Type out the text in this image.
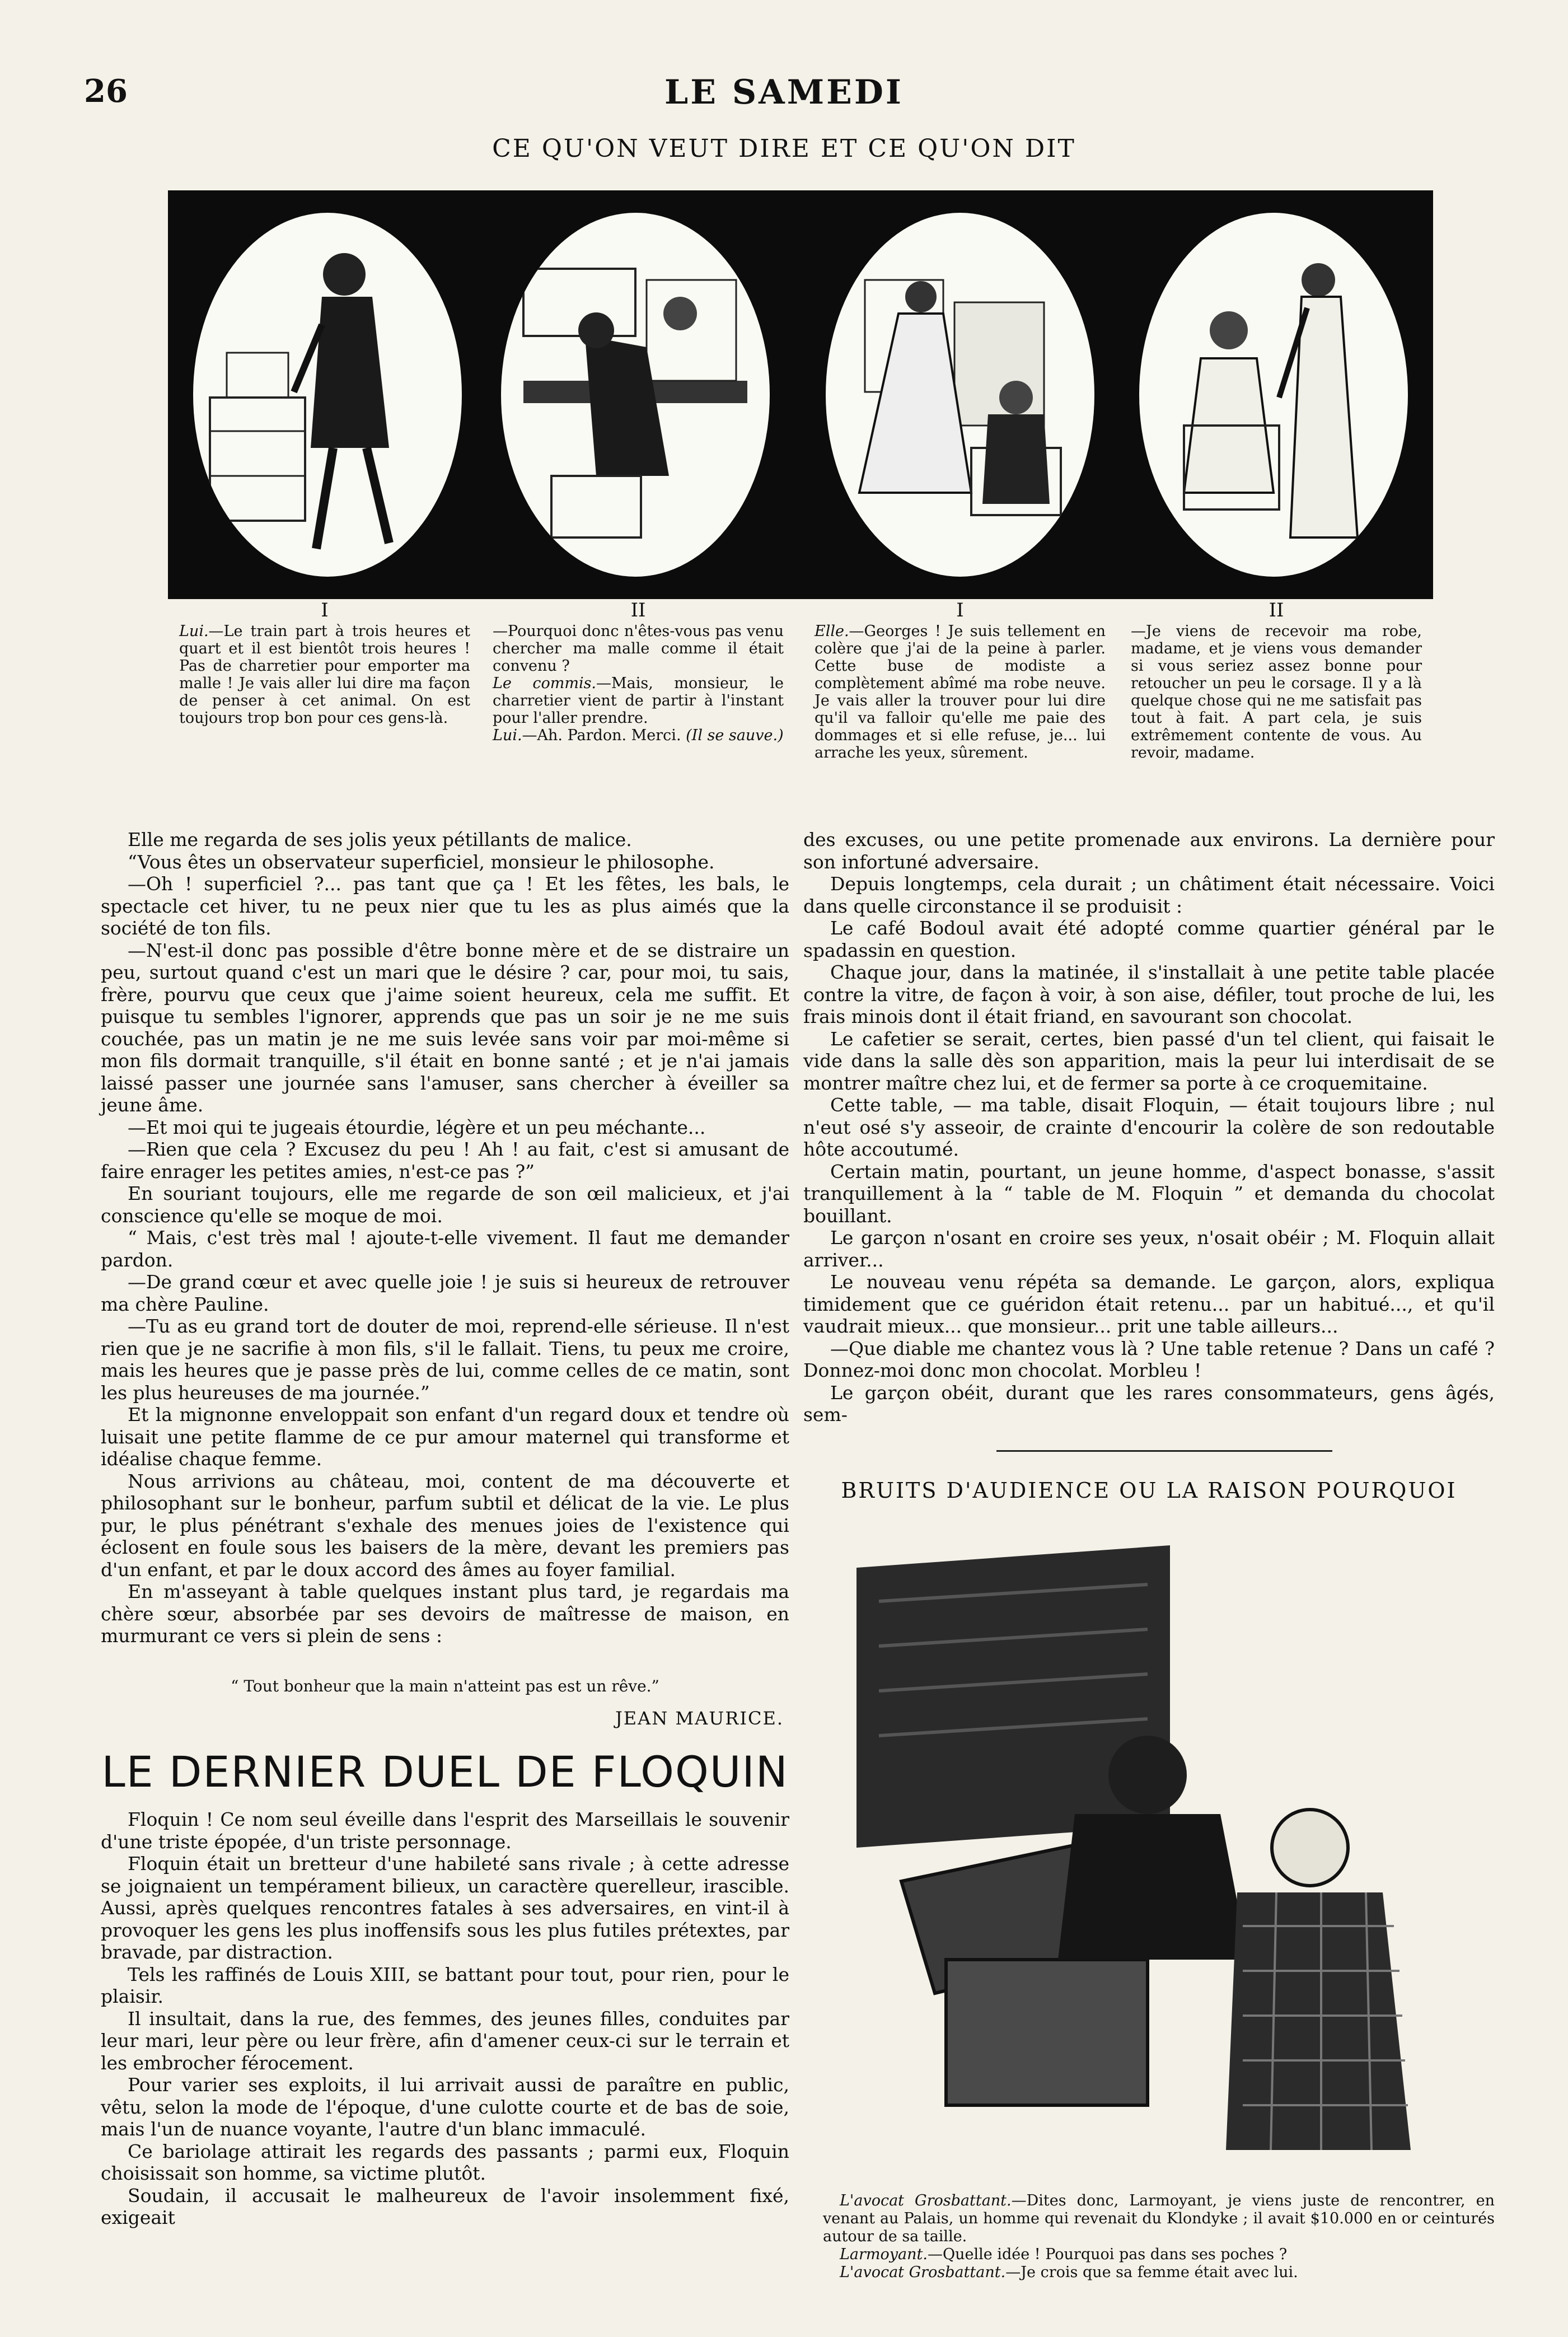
26	LE SAMEDI
CE QU'ON VEUT DIRE ET CE QU'ON DIT
I
Lui.—Le train part à trois heures et quart et il est bientôt trois heures ! Pas de charretier pour emporter ma malle ! Je vais aller lui dire ma façon de penser à cet animal. On est toujours trop bon pour ces gens-là.
II
—Pourquoi donc n'êtes-vous pas venu chercher ma malle comme il était convenu ?
Le commis.—Mais, monsieur, le charretier vient de partir à l'instant pour l'aller prendre.
Lui.—Ah. Pardon. Merci. (Il se sauve.)
I
Elle.—Georges ! Je suis tellement en colère que j'ai de la peine à parler. Cette buse de modiste a complètement abîmé ma robe neuve. Je vais aller la trouver pour lui dire qu'il va falloir qu'elle me paie des dommages et si elle refuse, je... lui arrache les yeux, sûrement.
II
—Je viens de recevoir ma robe, madame, et je viens vous demander si vous seriez assez bonne pour retoucher un peu le corsage. Il y a là quelque chose qui ne me satisfait pas tout à fait. A part cela, je suis extrêmement contente de vous. Au revoir, madame.

Elle me regarda de ses jolis yeux pétillants de malice.

“Vous êtes un observateur superficiel, monsieur le philosophe.

—Oh ! superficiel ?... pas tant que ça ! Et les fêtes, les bals, le spectacle cet hiver, tu ne peux nier que tu les as plus aimés que la société de ton fils.

—N'est-il donc pas possible d'être bonne mère et de se distraire un peu, surtout quand c'est un mari que le désire ? car, pour moi, tu sais, frère, pourvu que ceux que j'aime soient heureux, cela me suffit. Et puisque tu sembles l'ignorer, apprends que pas un soir je ne me suis couchée, pas un matin je ne me suis levée sans voir par moi-même si mon fils dormait tranquille, s'il était en bonne santé ; et je n'ai jamais laissé passer une journée sans l'amuser, sans chercher à éveiller sa jeune âme.

—Et moi qui te jugeais étourdie, légère et un peu méchante...

—Rien que cela ? Excusez du peu ! Ah ! au fait, c'est si amusant de faire enrager les petites amies, n'est-ce pas ?”

En souriant toujours, elle me regarde de son œil malicieux, et j'ai conscience qu'elle se moque de moi.

“ Mais, c'est très mal ! ajoute-t-elle vivement. Il faut me demander pardon.

—De grand cœur et avec quelle joie ! je suis si heureux de retrouver ma chère Pauline.

—Tu as eu grand tort de douter de moi, reprend-elle sérieuse. Il n'est rien que je ne sacrifie à mon fils, s'il le fallait. Tiens, tu peux me croire, mais les heures que je passe près de lui, comme celles de ce matin, sont les plus heureuses de ma journée.”

Et la mignonne enveloppait son enfant d'un regard doux et tendre où luisait une petite flamme de ce pur amour maternel qui transforme et idéalise chaque femme.

Nous arrivions au château, moi, content de ma découverte et philosophant sur le bonheur, parfum subtil et délicat de la vie. Le plus pur, le plus pénétrant s'exhale des menues joies de l'existence qui éclosent en foule sous les baisers de la mère, devant les premiers pas d'un enfant, et par le doux accord des âmes au foyer familial.

En m'asseyant à table quelques instant plus tard, je regardais ma chère sœur, absorbée par ses devoirs de maîtresse de maison, en murmurant ce vers si plein de sens :

“ Tout bonheur que la main n'atteint pas est un rêve.”
JEAN MAURICE.
LE DERNIER DUEL DE FLOQUIN

Floquin ! Ce nom seul éveille dans l'esprit des Marseillais le souvenir d'une triste épopée, d'un triste personnage.

Floquin était un bretteur d'une habileté sans rivale ; à cette adresse se joignaient un tempérament bilieux, un caractère querelleur, irascible. Aussi, après quelques rencontres fatales à ses adversaires, en vint-il à provoquer les gens les plus inoffensifs sous les plus futiles prétextes, par bravade, par distraction.

Tels les raffinés de Louis XIII, se battant pour tout, pour rien, pour le plaisir.

Il insultait, dans la rue, des femmes, des jeunes filles, conduites par leur mari, leur père ou leur frère, afin d'amener ceux-ci sur le terrain et les embrocher férocement.

Pour varier ses exploits, il lui arrivait aussi de paraître en public, vêtu, selon la mode de l'époque, d'une culotte courte et de bas de soie, mais l'un de nuance voyante, l'autre d'un blanc immaculé.

Ce bariolage attirait les regards des passants ; parmi eux, Floquin choisissait son homme, sa victime plutôt.

Soudain, il accusait le malheureux de l'avoir insolemment fixé, exigeait

des excuses, ou une petite promenade aux environs. La dernière pour son infortuné adversaire.

Depuis longtemps, cela durait ; un châtiment était nécessaire. Voici dans quelle circonstance il se produisit :

Le café Bodoul avait été adopté comme quartier général par le spadassin en question.

Chaque jour, dans la matinée, il s'installait à une petite table placée contre la vitre, de façon à voir, à son aise, défiler, tout proche de lui, les frais minois dont il était friand, en savourant son chocolat.

Le cafetier se serait, certes, bien passé d'un tel client, qui faisait le vide dans la salle dès son apparition, mais la peur lui interdisait de se montrer maître chez lui, et de fermer sa porte à ce croquemitaine.

Cette table, — ma table, disait Floquin, — était toujours libre ; nul n'eut osé s'y asseoir, de crainte d'encourir la colère de son redoutable hôte accoutumé.

Certain matin, pourtant, un jeune homme, d'aspect bonasse, s'assit tranquillement à la “ table de M. Floquin ” et demanda du chocolat bouillant.

Le garçon n'osant en croire ses yeux, n'osait obéir ; M. Floquin allait arriver...

Le nouveau venu répéta sa demande. Le garçon, alors, expliqua timidement que ce guéridon était retenu... par un habitué..., et qu'il vaudrait mieux... que monsieur... prit une table ailleurs...

—Que diable me chantez vous là ? Une table retenue ? Dans un café ? Donnez-moi donc mon chocolat. Morbleu !

Le garçon obéit, durant que les rares consommateurs, gens âgés, sem-

BRUITS D'AUDIENCE OU LA RAISON POURQUOI

L'avocat Grosbattant.—Dites donc, Larmoyant, je viens juste de rencontrer, en venant au Palais, un homme qui revenait du Klondyke ; il avait $10.000 en or ceinturés autour de sa taille.

Larmoyant.—Quelle idée ! Pourquoi pas dans ses poches ?

L'avocat Grosbattant.—Je crois que sa femme était avec lui.
